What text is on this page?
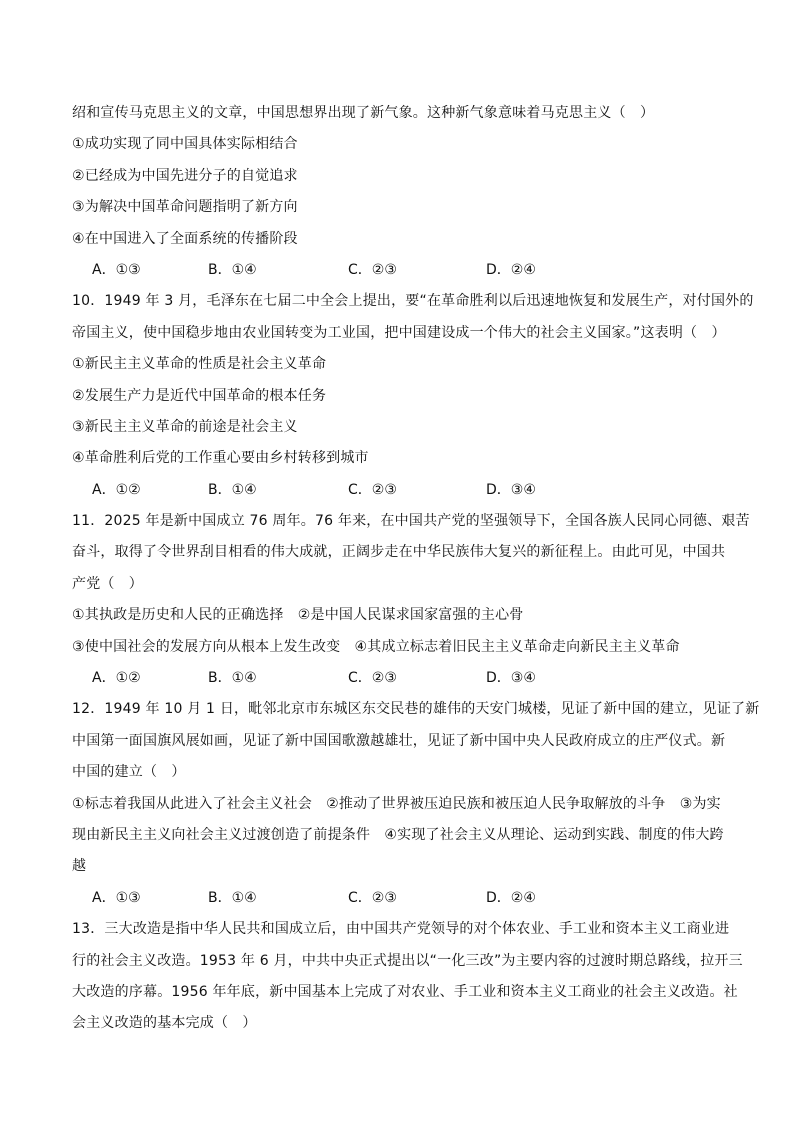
绍和宣传马克思主义的文章，中国思想界出现了新气象。这种新气象意味着马克思主义（　）
①成功实现了同中国具体实际相结合
②已经成为中国先进分子的自觉追求
③为解决中国革命问题指明了新方向
④在中国进入了全面系统的传播阶段
A．①③	B．①④	C．②③	D．②④
10．1949 年 3 月，毛泽东在七届二中全会上提出，要“在革命胜利以后迅速地恢复和发展生产，对付国外的
帝国主义，使中国稳步地由农业国转变为工业国，把中国建设成一个伟大的社会主义国家。”这表明（　）
①新民主主义革命的性质是社会主义革命
②发展生产力是近代中国革命的根本任务
③新民主主义革命的前途是社会主义
④革命胜利后党的工作重心要由乡村转移到城市
A．①②	B．①④	C．②③	D．③④
11．2025 年是新中国成立 76 周年。76 年来，在中国共产党的坚强领导下，全国各族人民同心同德、艰苦
奋斗，取得了令世界刮目相看的伟大成就，正阔步走在中华民族伟大复兴的新征程上。由此可见，中国共
产党（　）
①其执政是历史和人民的正确选择　②是中国人民谋求国家富强的主心骨
③使中国社会的发展方向从根本上发生改变　④其成立标志着旧民主主义革命走向新民主主义革命
A．①②	B．①④	C．②③	D．③④
12．1949 年 10 月 1 日，毗邻北京市东城区东交民巷的雄伟的天安门城楼，见证了新中国的建立，见证了新
中国第一面国旗风展如画，见证了新中国国歌激越雄壮，见证了新中国中央人民政府成立的庄严仪式。新
中国的建立（　）
①标志着我国从此进入了社会主义社会　②推动了世界被压迫民族和被压迫人民争取解放的斗争　③为实
现由新民主主义向社会主义过渡创造了前提条件　④实现了社会主义从理论、运动到实践、制度的伟大跨
越
A．①③	B．①④	C．②③	D．②④
13．三大改造是指中华人民共和国成立后，由中国共产党领导的对个体农业、手工业和资本主义工商业进
行的社会主义改造。1953 年 6 月，中共中央正式提出以“一化三改”为主要内容的过渡时期总路线，拉开三
大改造的序幕。1956 年年底，新中国基本上完成了对农业、手工业和资本主义工商业的社会主义改造。社
会主义改造的基本完成（　）
